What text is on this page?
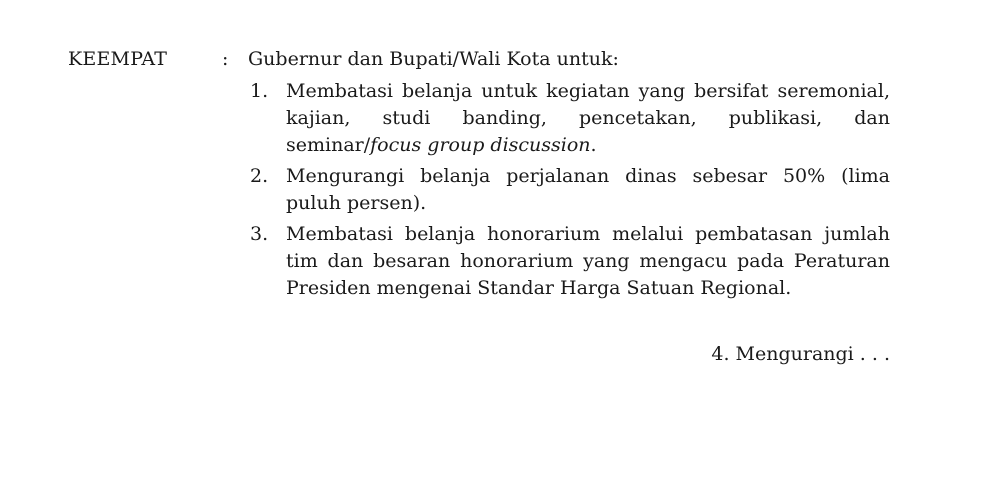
KEEMPAT	: Gubernur dan Bupati/Wali Kota untuk:
1. Membatasi belanja untuk kegiatan yang bersifat seremonial, kajian, studi banding, pencetakan, publikasi, dan seminar/focus group discussion.
2. Mengurangi belanja perjalanan dinas sebesar 50% (lima puluh persen).
3. Membatasi belanja honorarium melalui pembatasan jumlah tim dan besaran honorarium yang mengacu pada Peraturan Presiden mengenai Standar Harga Satuan Regional.
4. Mengurangi . . .
